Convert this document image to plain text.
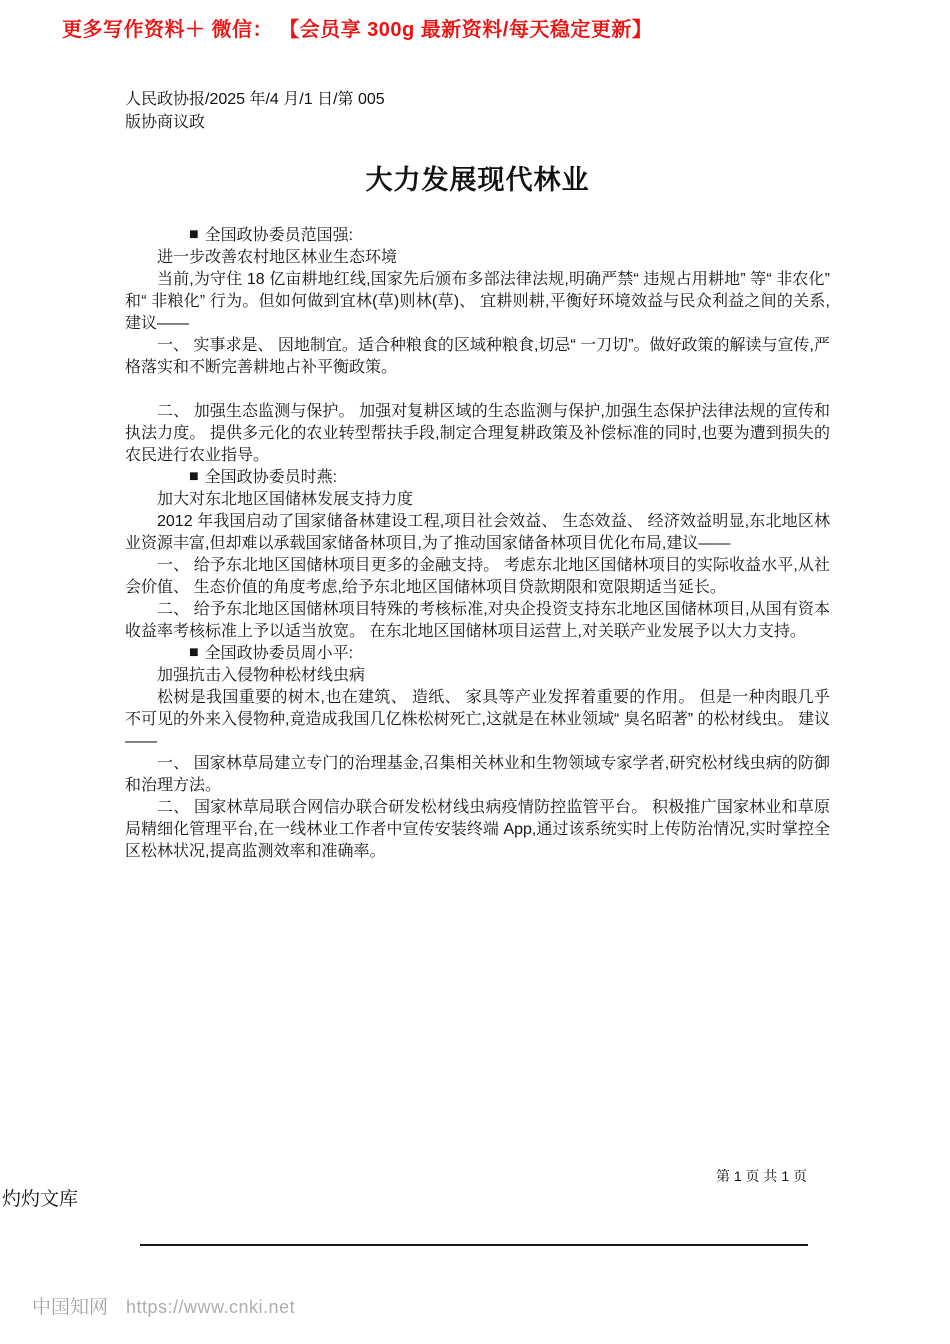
更多写作资料＋ 微信： 【会员享 300g 最新资料/每天稳定更新】
人民政协报/2025 年/4 月/1 日/第 005
版协商议政
大力发展现代林业

■ 全国政协委员范国强:

进一步改善农村地区林业生态环境

当前,为守住 18 亿亩耕地红线,国家先后颁布多部法律法规,明确严禁“ 违规占用耕地” 等“ 非农化” 和“ 非粮化” 行为。但如何做到宜林(草)则林(草)、 宜耕则耕,平衡好环境效益与民众利益之间的关系,建议——

一、 实事求是、 因地制宜。适合种粮食的区域种粮食,切忌“ 一刀切”。做好政策的解读与宣传,严格落实和不断完善耕地占补平衡政策。

二、 加强生态监测与保护。 加强对复耕区域的生态监测与保护,加强生态保护法律法规的宣传和执法力度。 提供多元化的农业转型帮扶手段,制定合理复耕政策及补偿标准的同时,也要为遭到损失的农民进行农业指导。

■ 全国政协委员时燕:

加大对东北地区国储林发展支持力度

2012 年我国启动了国家储备林建设工程,项目社会效益、 生态效益、 经济效益明显,东北地区林业资源丰富,但却难以承载国家储备林项目,为了推动国家储备林项目优化布局,建议——

一、 给予东北地区国储林项目更多的金融支持。 考虑东北地区国储林项目的实际收益水平,从社会价值、 生态价值的角度考虑,给予东北地区国储林项目贷款期限和宽限期适当延长。

二、 给予东北地区国储林项目特殊的考核标准,对央企投资支持东北地区国储林项目,从国有资本收益率考核标准上予以适当放宽。 在东北地区国储林项目运营上,对关联产业发展予以大力支持。

■ 全国政协委员周小平:

加强抗击入侵物种松材线虫病

松树是我国重要的树木,也在建筑、 造纸、 家具等产业发挥着重要的作用。 但是一种肉眼几乎不可见的外来入侵物种,竟造成我国几亿株松树死亡,这就是在林业领域“ 臭名昭著” 的松材线虫。 建议——

一、 国家林草局建立专门的治理基金,召集相关林业和生物领域专家学者,研究松材线虫病的防御和治理方法。

二、 国家林草局联合网信办联合研发松材线虫病疫情防控监管平台。 积极推广国家林业和草原局精细化管理平台,在一线林业工作者中宣传安装终端 App,通过该系统实时上传防治情况,实时掌控全区松林状况,提高监测效率和准确率。

第 1 页 共 1 页
灼灼文库
中国知网 https://www.cnki.net
